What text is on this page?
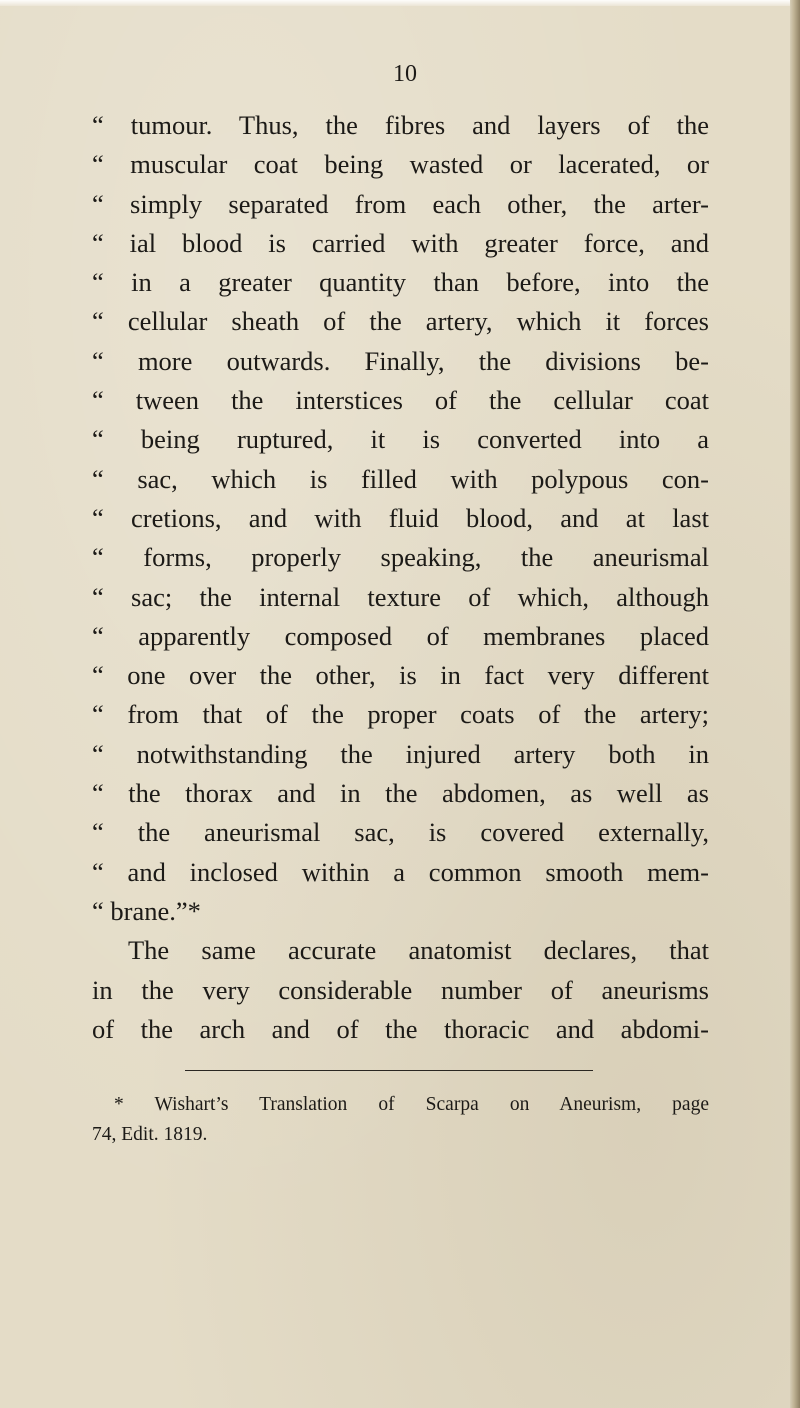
10
“ tumour. Thus, the fibres and layers of the
“ muscular coat being wasted or lacerated, or
“ simply separated from each other, the arter-
“ ial blood is carried with greater force, and
“ in a greater quantity than before, into the
“ cellular sheath of the artery, which it forces
“ more outwards. Finally, the divisions be-
“ tween the interstices of the cellular coat
“ being ruptured, it is converted into a
“ sac, which is filled with polypous con-
“ cretions, and with fluid blood, and at last
“ forms, properly speaking, the aneurismal
“ sac; the internal texture of which, although
“ apparently composed of membranes placed
“ one over the other, is in fact very different
“ from that of the proper coats of the artery;
“ notwithstanding the injured artery both in
“ the thorax and in the abdomen, as well as
“ the aneurismal sac, is covered externally,
“ and inclosed within a common smooth mem-
“ brane.”*
The same accurate anatomist declares, that
in the very considerable number of aneurisms
of the arch and of the thoracic and abdomi-
* Wishart’s Translation of Scarpa on Aneurism, page
74, Edit. 1819.
